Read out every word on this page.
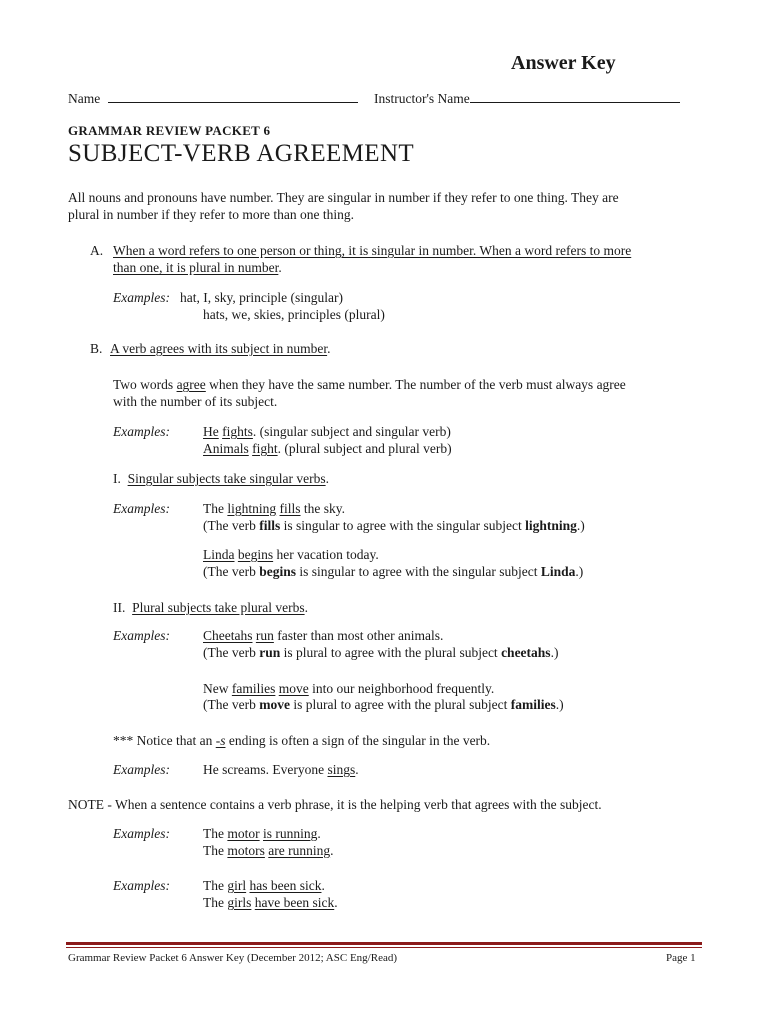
Answer Key
Name	Instructor's Name
GRAMMAR REVIEW PACKET 6
SUBJECT-VERB AGREEMENT
All nouns and pronouns have number. They are singular in number if they refer to one thing. They are
plural in number if they refer to more than one thing.
A. When a word refers to one person or thing, it is singular in number. When a word refers to more
than one, it is plural in number.
Examples: hat, I, sky, principle (singular)
hats, we, skies, principles (plural)
B. A verb agrees with its subject in number.
Two words agree when they have the same number. The number of the verb must always agree
with the number of its subject.
Examples: He fights. (singular subject and singular verb)
Animals fight. (plural subject and plural verb)
I. Singular subjects take singular verbs.
Examples: The lightning fills the sky.
(The verb fills is singular to agree with the singular subject lightning.)
Linda begins her vacation today.
(The verb begins is singular to agree with the singular subject Linda.)
II. Plural subjects take plural verbs.
Examples: Cheetahs run faster than most other animals.
(The verb run is plural to agree with the plural subject cheetahs.)
New families move into our neighborhood frequently.
(The verb move is plural to agree with the plural subject families.)
*** Notice that an -s ending is often a sign of the singular in the verb.
Examples: He screams. Everyone sings.
NOTE - When a sentence contains a verb phrase, it is the helping verb that agrees with the subject.
Examples: The motor is running.
The motors are running.
Examples: The girl has been sick.
The girls have been sick.
Grammar Review Packet 6 Answer Key (December 2012; ASC Eng/Read)	Page 1
